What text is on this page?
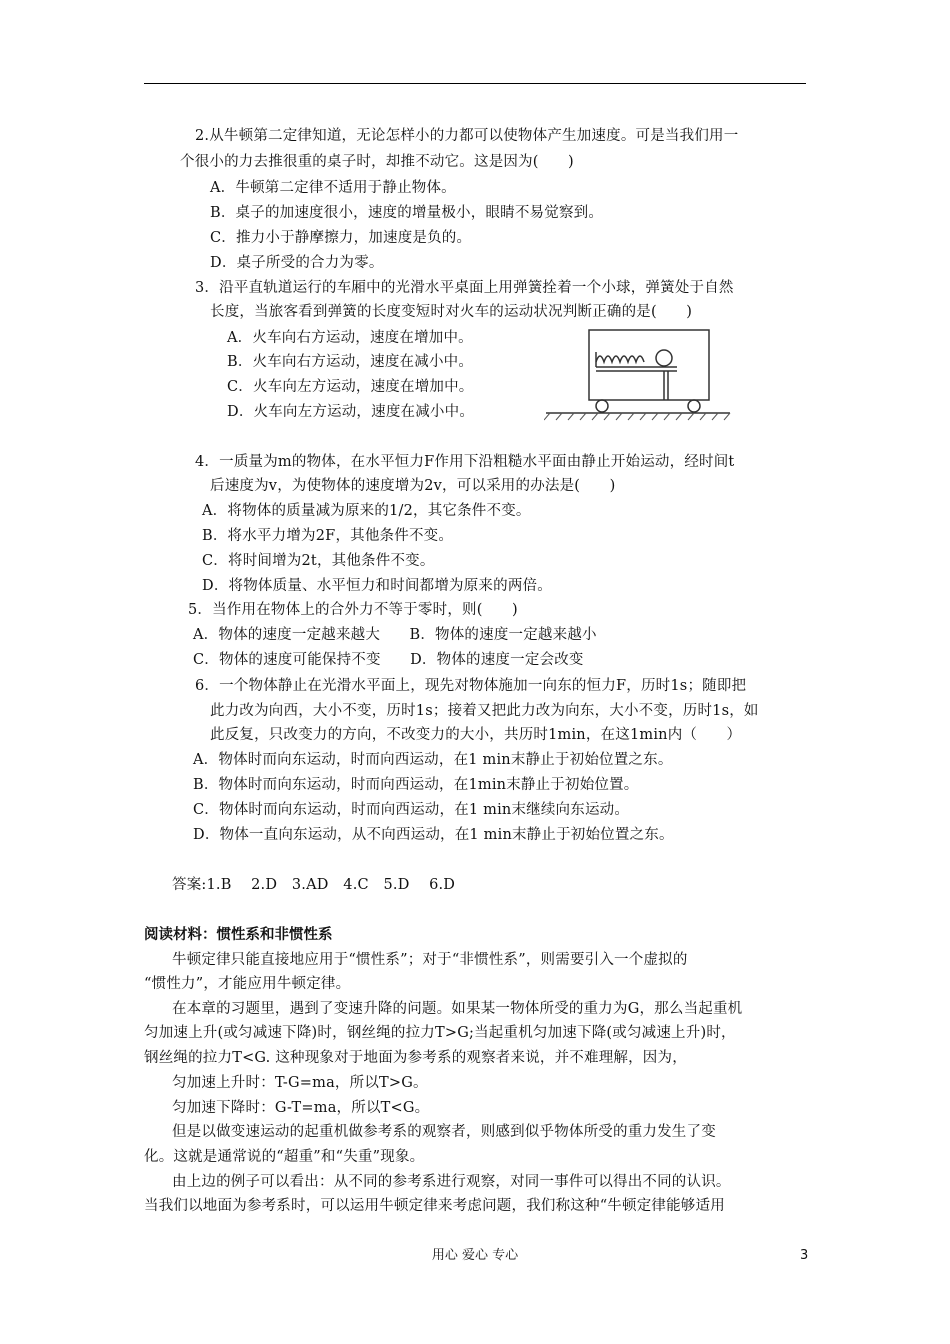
2.从牛顿第二定律知道，无论怎样小的力都可以使物体产生加速度。可是当我们用一
个很小的力去推很重的桌子时，却推不动它。这是因为(　　)
A．牛顿第二定律不适用于静止物体。
B．桌子的加速度很小，速度的增量极小，眼睛不易觉察到。
C．推力小于静摩擦力，加速度是负的。
D．桌子所受的合力为零。
3．沿平直轨道运行的车厢中的光滑水平桌面上用弹簧拴着一个小球，弹簧处于自然
长度，当旅客看到弹簧的长度变短时对火车的运动状况判断正确的是(　　)
A．火车向右方运动，速度在增加中。
B．火车向右方运动，速度在减小中。
C．火车向左方运动，速度在增加中。
D．火车向左方运动，速度在减小中。
4．一质量为m的物体，在水平恒力F作用下沿粗糙水平面由静止开始运动，经时间t
后速度为v，为使物体的速度增为2v，可以采用的办法是(　　)
A．将物体的质量减为原来的1/2，其它条件不变。
B．将水平力增为2F，其他条件不变。
C．将时间增为2t，其他条件不变。
D．将物体质量、水平恒力和时间都增为原来的两倍。
5．当作用在物体上的合外力不等于零时，则(　　)
A．物体的速度一定越来越大　　B．物体的速度一定越来越小
C．物体的速度可能保持不变　　D．物体的速度一定会改变
6．一个物体静止在光滑水平面上，现先对物体施加一向东的恒力F，历时1s；随即把
此力改为向西，大小不变，历时1s；接着又把此力改为向东，大小不变，历时1s，如
此反复，只改变力的方向，不改变力的大小，共历时1min，在这1min内（　　）
A．物体时而向东运动，时而向西运动，在1 min末静止于初始位置之东。
B．物体时而向东运动，时而向西运动，在1min末静止于初始位置。
C．物体时而向东运动，时而向西运动，在1 min末继续向东运动。
D．物体一直向东运动，从不向西运动，在1 min末静止于初始位置之东。
答案:1.B　 2.D　3.AD　4.C　5.D　 6.D
阅读材料：惯性系和非惯性系
牛顿定律只能直接地应用于“惯性系”；对于“非惯性系”，则需要引入一个虚拟的
“惯性力”，才能应用牛顿定律。
在本章的习题里，遇到了变速升降的问题。如果某一物体所受的重力为G，那么当起重机
匀加速上升(或匀减速下降)时，钢丝绳的拉力T>G;当起重机匀加速下降(或匀减速上升)时，
钢丝绳的拉力T<G. 这种现象对于地面为参考系的观察者来说，并不难理解，因为，
匀加速上升时：T-G=ma，所以T>G。
匀加速下降时：G-T=ma，所以T<G。
但是以做变速运动的起重机做参考系的观察者，则感到似乎物体所受的重力发生了变
化。这就是通常说的“超重”和“失重”现象。
由上边的例子可以看出：从不同的参考系进行观察，对同一事件可以得出不同的认识。
当我们以地面为参考系时，可以运用牛顿定律来考虑问题，我们称这种“牛顿定律能够适用
用心 爱心 专心	3
